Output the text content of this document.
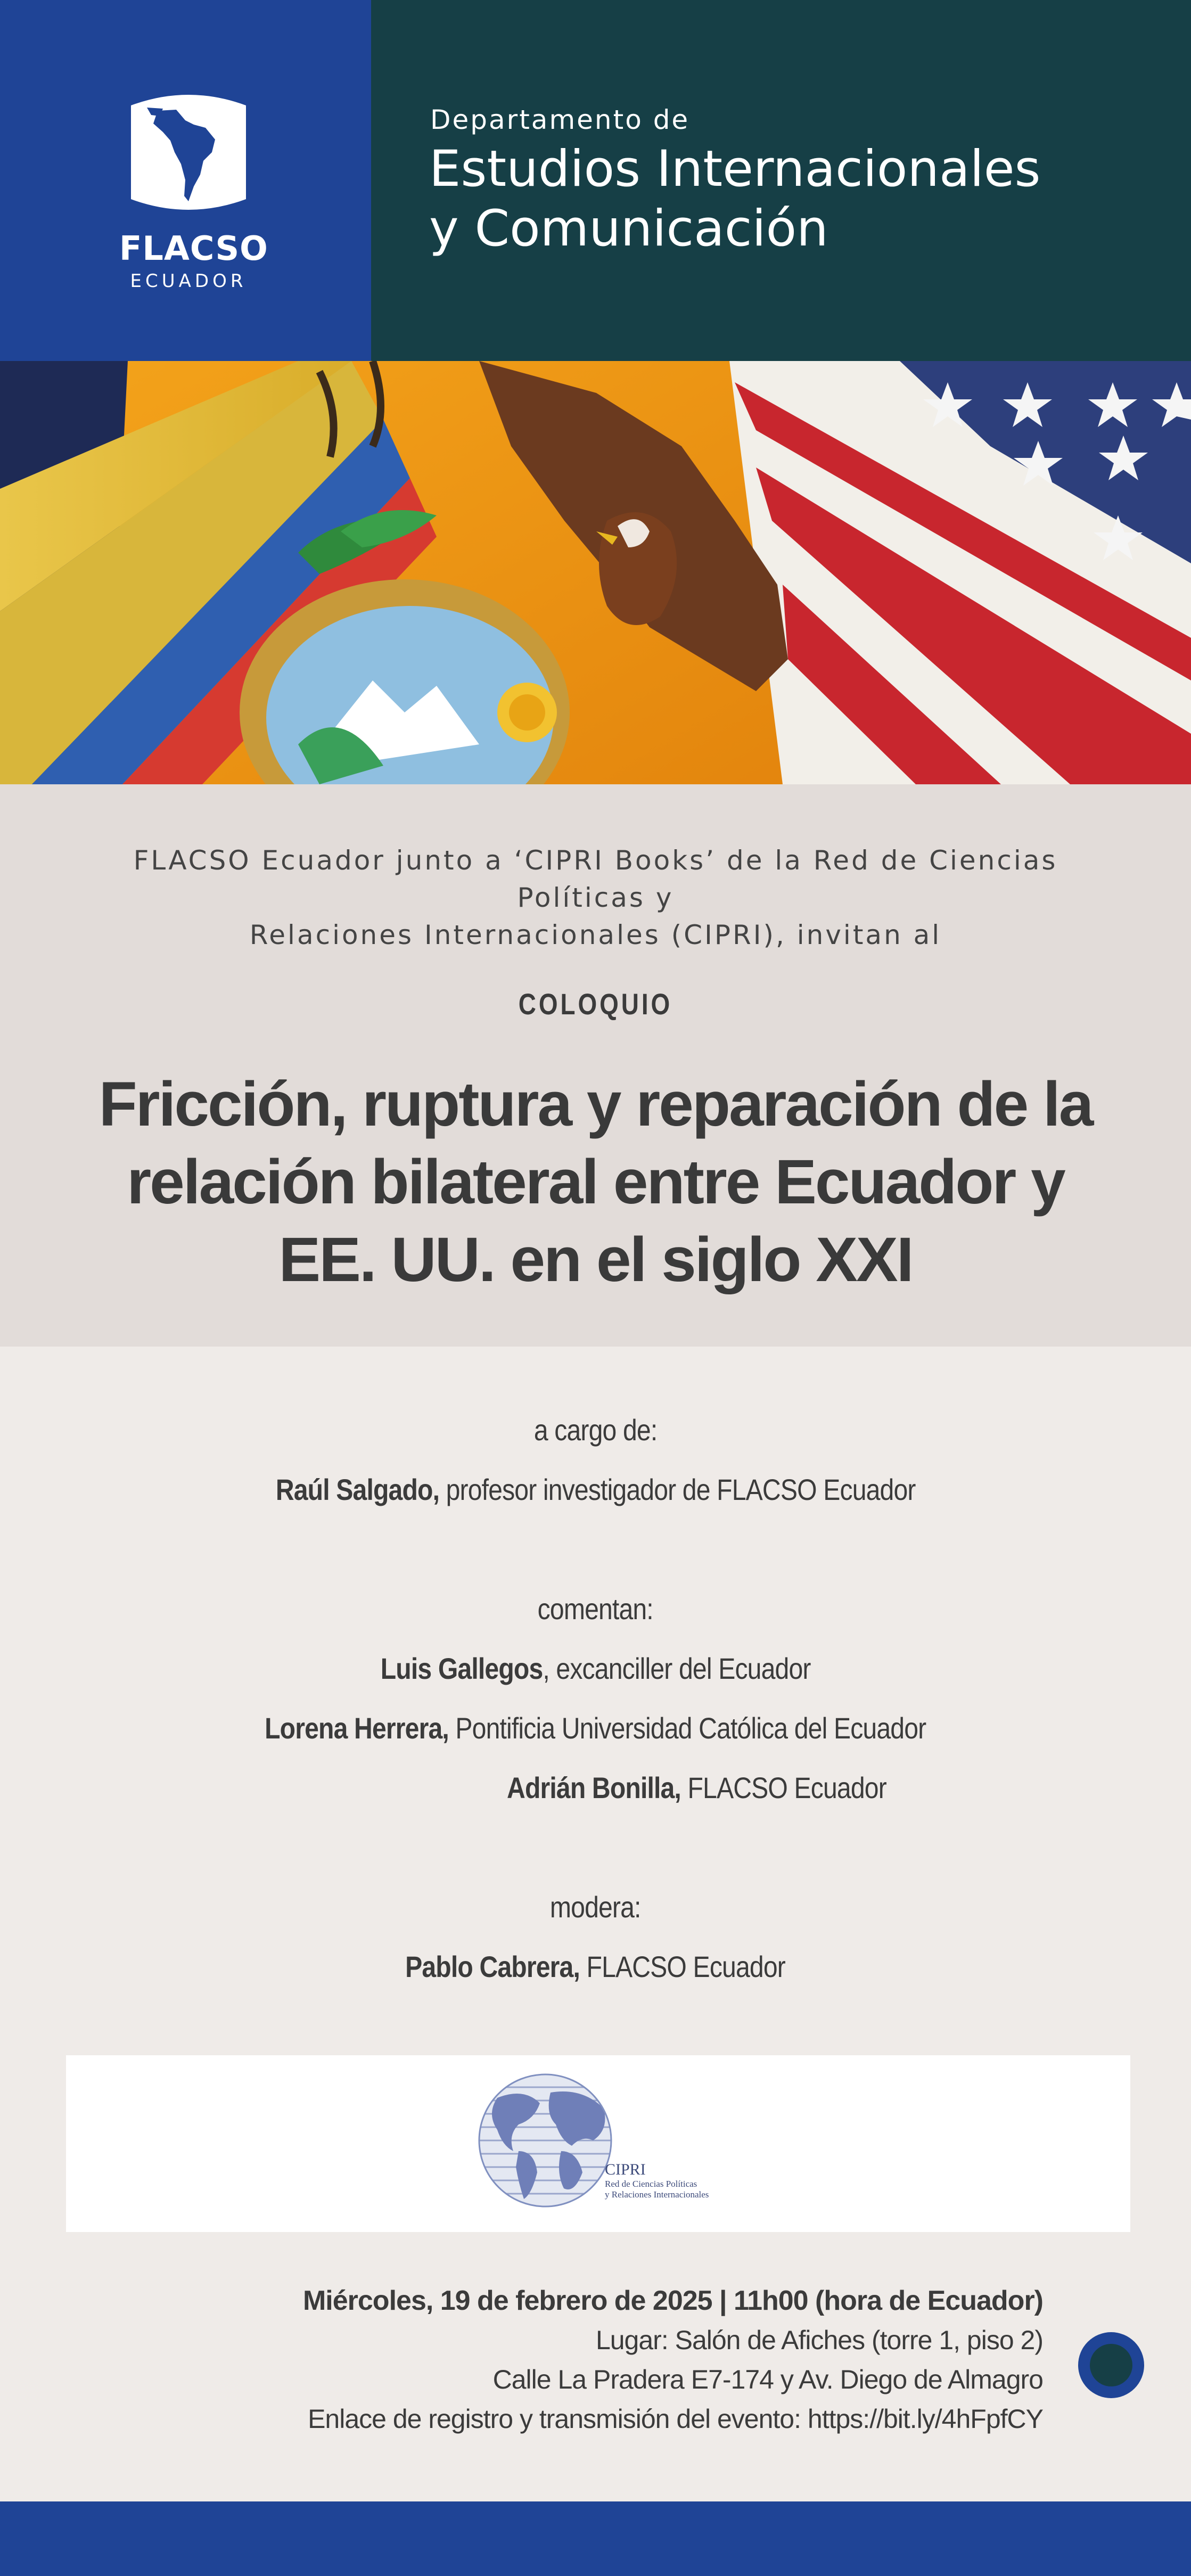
FLACSO
ECUADOR
Departamento de
Estudios Internacionales
y Comunicación
FLACSO Ecuador junto a ‘CIPRI Books’ de la Red de Ciencias Políticas y
Relaciones Internacionales (CIPRI), invitan al
COLOQUIO
Fricción, ruptura y reparación de la
relación bilateral entre Ecuador y
EE. UU. en el siglo XXI
a cargo de:
Raúl Salgado, profesor investigador de FLACSO Ecuador
comentan:
Luis Gallegos, excanciller del Ecuador
Lorena Herrera, Pontificia Universidad Católica del Ecuador
Adrián Bonilla, FLACSO Ecuador
modera:
Pablo Cabrera, FLACSO Ecuador
CIPRI
Red de Ciencias Políticas
y Relaciones Internacionales
Miércoles, 19 de febrero de 2025 | 11h00 (hora de Ecuador)
Lugar: Salón de Afiches (torre 1, piso 2)
Calle La Pradera E7-174 y Av. Diego de Almagro
Enlace de registro y transmisión del evento: https://bit.ly/4hFpfCY
